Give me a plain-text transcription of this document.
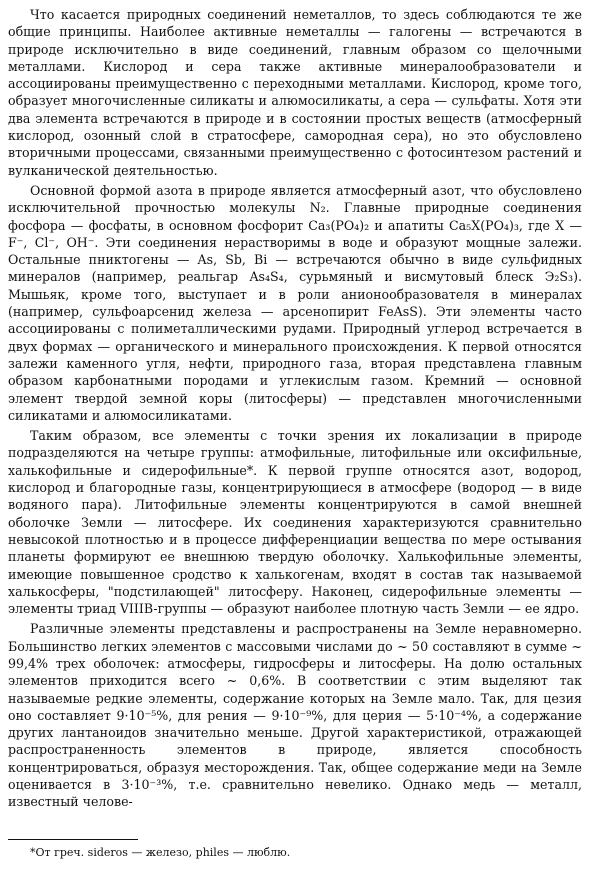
Что касается природных соединений неметаллов, то здесь соблюдаются те же общие принципы. Наиболее активные неметаллы — галогены — встречаются в природе исключительно в виде соединений, главным образом со щелочными металлами. Кислород и сера также активные минералообразователи и ассоциированы преимущественно с переходными металлами. Кислород, кроме того, образует многочисленные силикаты и алюмосиликаты, а сера — сульфаты. Хотя эти два элемента встречаются в природе и в состоянии простых веществ (атмосферный кислород, озонный слой в стратосфере, самородная сера), но это обусловлено вторичными процессами, связанными преимущественно с фотосинтезом растений и вулканической деятельностью.

Основной формой азота в природе является атмосферный азот, что обусловлено исключительной прочностью молекулы N₂. Главные природные соединения фосфора — фосфаты, в основном фосфорит Ca₃(PO₄)₂ и апатиты Ca₅X(PO₄)₃, где X — F⁻, Cl⁻, OH⁻. Эти соединения нерастворимы в воде и образуют мощные залежи. Остальные пниктогены — As, Sb, Bi — встречаются обычно в виде сульфидных минералов (например, реальгар As₄S₄, сурьмяный и висмутовый блеск Э₂S₃). Мышьяк, кроме того, выступает и в роли анионообразователя в минералах (например, сульфоарсенид железа — арсенопирит FeAsS). Эти элементы часто ассоциированы с полиметаллическими рудами. Природный углерод встречается в двух формах — органического и минерального происхождения. К первой относятся залежи каменного угля, нефти, природного газа, вторая представлена главным образом карбонатными породами и углекислым газом. Кремний — основной элемент твердой земной коры (литосферы) — представлен многочисленными силикатами и алюмосиликатами.

Таким образом, все элементы с точки зрения их локализации в природе подразделяются на четыре группы: атмофильные, литофильные или оксифильные, халькофильные и сидерофильные*. К первой группе относятся азот, водород, кислород и благородные газы, концентрирующиеся в атмосфере (водород — в виде водяного пара). Литофильные элементы концентрируются в самой внешней оболочке Земли — литосфере. Их соединения характеризуются сравнительно невысокой плотностью и в процессе дифференциации вещества по мере остывания планеты формируют ее внешнюю твердую оболочку. Халькофильные элементы, имеющие повышенное сродство к халькогенам, входят в состав так называемой халькосферы, "подстилающей" литосферу. Наконец, сидерофильные элементы — элементы триад VIIIB-группы — образуют наиболее плотную часть Земли — ее ядро.

Различные элементы представлены и распространены на Земле неравномерно. Большинство легких элементов с массовыми числами до ~ 50 составляют в сумме ~ 99,4% трех оболочек: атмосферы, гидросферы и литосферы. На долю остальных элементов приходится всего ~ 0,6%. В соответствии с этим выделяют так называемые редкие элементы, содержание которых на Земле мало. Так, для цезия оно составляет 9·10⁻⁵%, для рения — 9·10⁻⁹%, для церия — 5·10⁻⁴%, а содержание других лантаноидов значительно меньше. Другой характеристикой, отражающей распространенность элементов в природе, является способность концентрироваться, образуя месторождения. Так, общее содержание меди на Земле оценивается в 3·10⁻³%, т.е. сравнительно невелико. Однако медь — металл, известный челове-

*От греч. sideros — железо, philes — люблю.
